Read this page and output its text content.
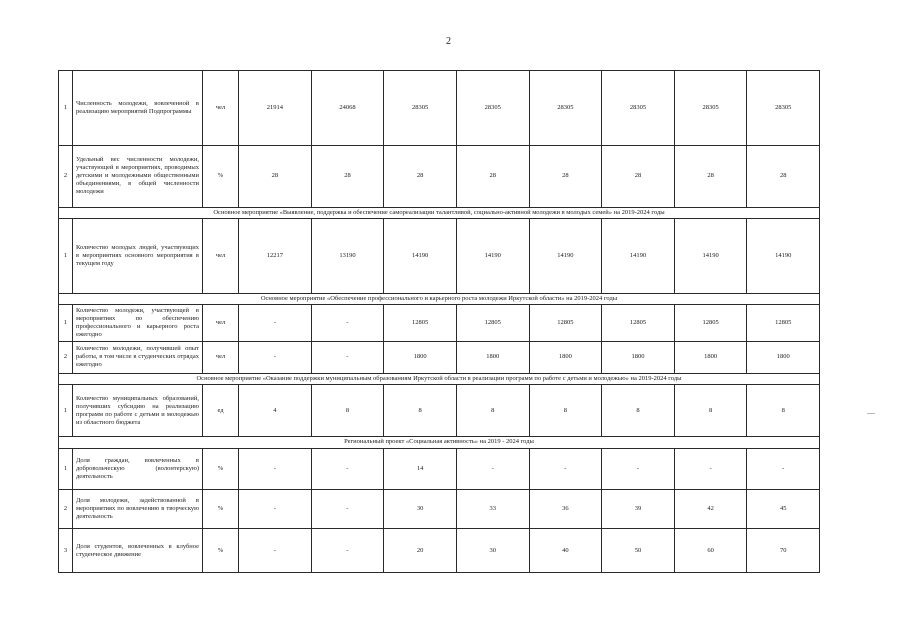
2
1	Численность молодежи, вовлеченной в реализацию мероприятий Подпрограммы	чел	21914	24068	28305	28305	28305	28305	28305	28305
2	Удельный вес численности молодежи, участвующей в мероприятиях, проводимых детскими и молодежными общественными объединениями, в общей численности молодежи	%	28	28	28	28	28	28	28	28
Основное мероприятие «Выявление, поддержка и обеспечение самореализации талантливой, социально-активной молодежи в молодых семей» на 2019-2024 годы										
1	Количество молодых людей, участвующих в мероприятиях основного мероприятия в текущем году	чел	12217	13190	14190	14190	14190	14190	14190	14190
Основное мероприятие «Обеспечение профессионального и карьерного роста молодежи Иркутской области» на 2019-2024 годы										
1	Количество молодежи, участвующей в мероприятиях по обеспечению профессионального и карьерного роста ежегодно	чел	-	-	12805	12805	12805	12805	12805	12805
2	Количество молодежи, получившей опыт работы, в том числе в студенческих отрядах ежегодно	чел	-	-	1800	1800	1800	1800	1800	1800
Основное мероприятие «Оказание поддержки муниципальным образованиям Иркутской области в реализации программ по работе с детьми и молодежью» на 2019-2024 годы										
1	Количество муниципальных образований, получивших субсидию на реализацию программ по работе с детьми и молодежью из областного бюджета	ед	4	8	8	8	8	8	8	8
Региональный проект «Социальная активность» на 2019 - 2024 годы										
1	Доля граждан, вовлеченных в добровольческую (волонтерскую) деятельность	%	-	-	14	-	-	-	-	-
2	Доля молодежи, задействованной в мероприятиях по вовлечению в творческую деятельность	%	-	-	30	33	36	39	42	45
3	Доля студентов, вовлеченных в клубное студенческое движение	%	-	-	20	30	40	50	60	70
